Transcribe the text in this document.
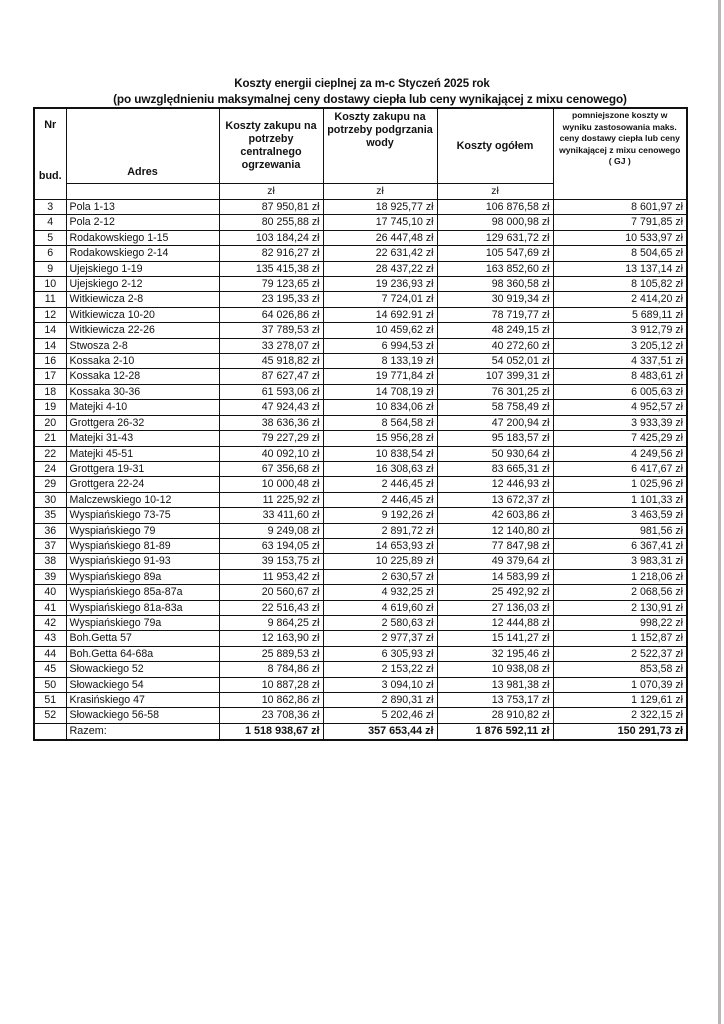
Koszty energii cieplnej za m-c Styczeń 2025 rok
(po uwzględnieniu maksymalnej ceny dostawy ciepła lub ceny wynikającej z mixu cenowego)
Nr
bud.	Adres	Koszty zakupu na potrzeby centralnego ogrzewania	Koszty zakupu na potrzeby podgrzania wody	Koszty ogółem	pomniejszone koszty w wyniku zastosowania maks. ceny dostawy ciepła lub ceny wynikającej z mixu cenowego ( GJ )
		zł	zł	zł	
3	Pola 1-13	87 950,81 zł	18 925,77 zł	106 876,58 zł	8 601,97 zł
4	Pola 2-12	80 255,88 zł	17 745,10 zł	98 000,98 zł	7 791,85 zł
5	Rodakowskiego 1-15	103 184,24 zł	26 447,48 zł	129 631,72 zł	10 533,97 zł
6	Rodakowskiego 2-14	82 916,27 zł	22 631,42 zł	105 547,69 zł	8 504,65 zł
9	Ujejskiego 1-19	135 415,38 zł	28 437,22 zł	163 852,60 zł	13 137,14 zł
10	Ujejskiego 2-12	79 123,65 zł	19 236,93 zł	98 360,58 zł	8 105,82 zł
11	Witkiewicza 2-8	23 195,33 zł	7 724,01 zł	30 919,34 zł	2 414,20 zł
12	Witkiewicza 10-20	64 026,86 zł	14 692.91 zł	78 719,77 zł	5 689,11 zł
14	Witkiewicza 22-26	37 789,53 zł	10 459,62 zł	48 249,15 zł	3 912,79 zł
14	Stwosza 2-8	33 278,07 zł	6 994,53 zł	40 272,60 zł	3 205,12 zł
16	Kossaka 2-10	45 918,82 zł	8 133,19 zł	54 052,01 zł	4 337,51 zł
17	Kossaka 12-28	87 627,47 zł	19 771,84 zł	107 399,31 zł	8 483,61 zł
18	Kossaka 30-36	61 593,06 zł	14 708,19 zł	76 301,25 zł	6 005,63 zł
19	Matejki 4-10	47 924,43 zł	10 834,06 zł	58 758,49 zł	4 952,57 zł
20	Grottgera 26-32	38 636,36 zł	8 564,58 zł	47 200,94 zł	3 933,39 zł
21	Matejki 31-43	79 227,29 zł	15 956,28 zł	95 183,57 zł	7 425,29 zł
22	Matejki 45-51	40 092,10 zł	10 838,54 zł	50 930,64 zł	4 249,56 zł
24	Grottgera 19-31	67 356,68 zł	16 308,63 zł	83 665,31 zł	6 417,67 zł
29	Grottgera 22-24	10 000,48 zł	2 446,45 zł	12 446,93 zł	1 025,96 zł
30	Malczewskiego 10-12	11 225,92 zł	2 446,45 zł	13 672,37 zł	1 101,33 zł
35	Wyspiańskiego 73-75	33 411,60 zł	9 192,26 zł	42 603,86 zł	3 463,59 zł
36	Wyspiańskiego 79	9 249,08 zł	2 891,72 zł	12 140,80 zł	981,56 zł
37	Wyspiańskiego 81-89	63 194,05 zł	14 653,93 zł	77 847,98 zł	6 367,41 zł
38	Wyspiańskiego 91-93	39 153,75 zł	10 225,89 zł	49 379,64 zł	3 983,31 zł
39	Wyspiańskiego 89a	11 953,42 zł	2 630,57 zł	14 583,99 zł	1 218,06 zł
40	Wyspiańskiego 85a-87a	20 560,67 zł	4 932,25 zł	25 492,92 zł	2 068,56 zł
41	Wyspiańskiego 81a-83a	22 516,43 zł	4 619,60 zł	27 136,03 zł	2 130,91 zł
42	Wyspiańskiego 79a	9 864,25 zł	2 580,63 zł	12 444,88 zł	998,22 zł
43	Boh.Getta 57	12 163,90 zł	2 977,37 zł	15 141,27 zł	1 152,87 zł
44	Boh.Getta 64-68a	25 889,53 zł	6 305,93 zł	32 195,46 zł	2 522,37 zł
45	Słowackiego 52	8 784,86 zł	2 153,22 zł	10 938,08 zł	853,58 zł
50	Słowackiego 54	10 887,28 zł	3 094,10 zł	13 981,38 zł	1 070,39 zł
51	Krasińskiego 47	10 862,86 zł	2 890,31 zł	13 753,17 zł	1 129,61 zł
52	Słowackiego 56-58	23 708,36 zł	5 202,46 zł	28 910,82 zł	2 322,15 zł
	Razem:	1 518 938,67 zł	357 653,44 zł	1 876 592,11 zł	150 291,73 zł
